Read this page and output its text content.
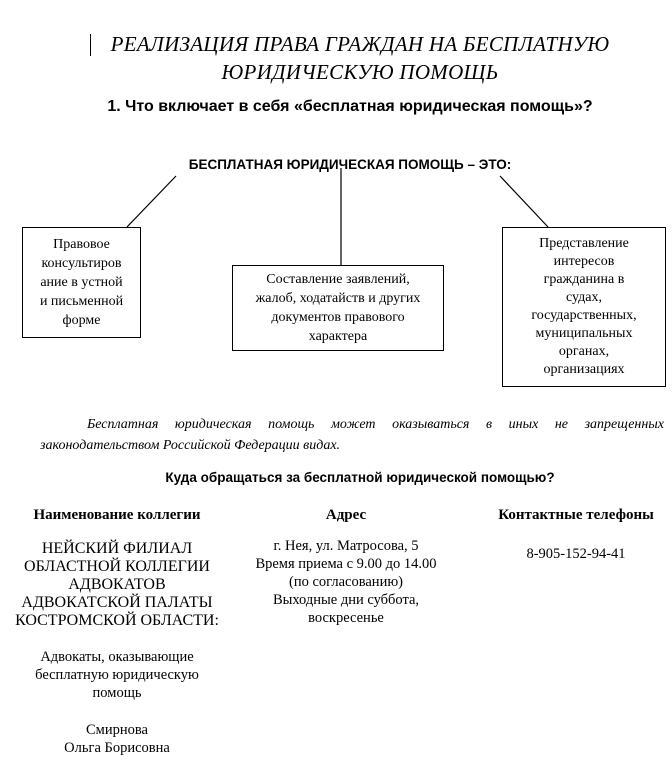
РЕАЛИЗАЦИЯ ПРАВА ГРАЖДАН НА БЕСПЛАТНУЮ
ЮРИДИЧЕСКУЮ ПОМОЩЬ
1. Что включает в себя «бесплатная юридическая помощь»?
БЕСПЛАТНАЯ ЮРИДИЧЕСКАЯ ПОМОЩЬ – ЭТО:
Правовое
консультиров
ание в устной
и письменной
форме
Составление заявлений,
жалоб, ходатайств и других
документов правового
характера
Представление
интересов
гражданина в
судах,
государственных,
муниципальных
органах,
организациях
Бесплатная юридическая помощь может оказываться в иных не запрещенных законодательством Российской Федерации видах.
Куда обращаться за бесплатной юридической помощью?
Наименование коллегии	Адрес	Контактные телефоны
НЕЙСКИЙ ФИЛИАЛ
ОБЛАСТНОЙ КОЛЛЕГИИ
АДВОКАТОВ
АДВОКАТСКОЙ ПАЛАТЫ
КОСТРОМСКОЙ ОБЛАСТИ:
Адвокаты, оказывающие
бесплатную юридическую
помощь
Смирнова
Ольга Борисовна
г. Нея, ул. Матросова, 5
Время приема с 9.00 до 14.00
(по согласованию)
Выходные дни суббота,
воскресенье
8-905-152-94-41
